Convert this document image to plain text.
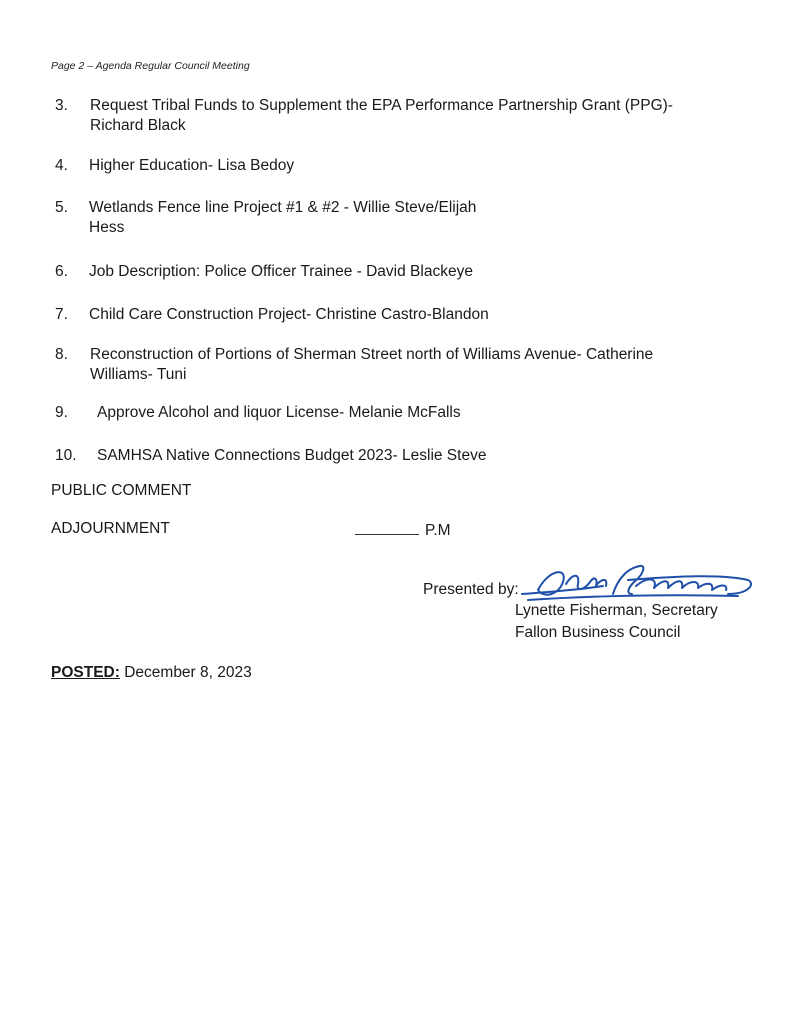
Page 2 – Agenda Regular Council Meeting
3. Request Tribal Funds to Supplement the EPA Performance Partnership Grant (PPG)-
Richard Black
4. Higher Education- Lisa Bedoy
5. Wetlands Fence line Project #1 & #2 - Willie Steve/Elijah
Hess
6. Job Description: Police Officer Trainee - David Blackeye
7. Child Care Construction Project- Christine Castro-Blandon
8. Reconstruction of Portions of Sherman Street north of Williams Avenue- Catherine
Williams- Tuni
9. Approve Alcohol and liquor License- Melanie McFalls
10. SAMHSA Native Connections Budget 2023- Leslie Steve
PUBLIC COMMENT
ADJOURNMENT	P.M
Presented by:
Lynette Fisherman, Secretary
Fallon Business Council
POSTED: December 8, 2023
